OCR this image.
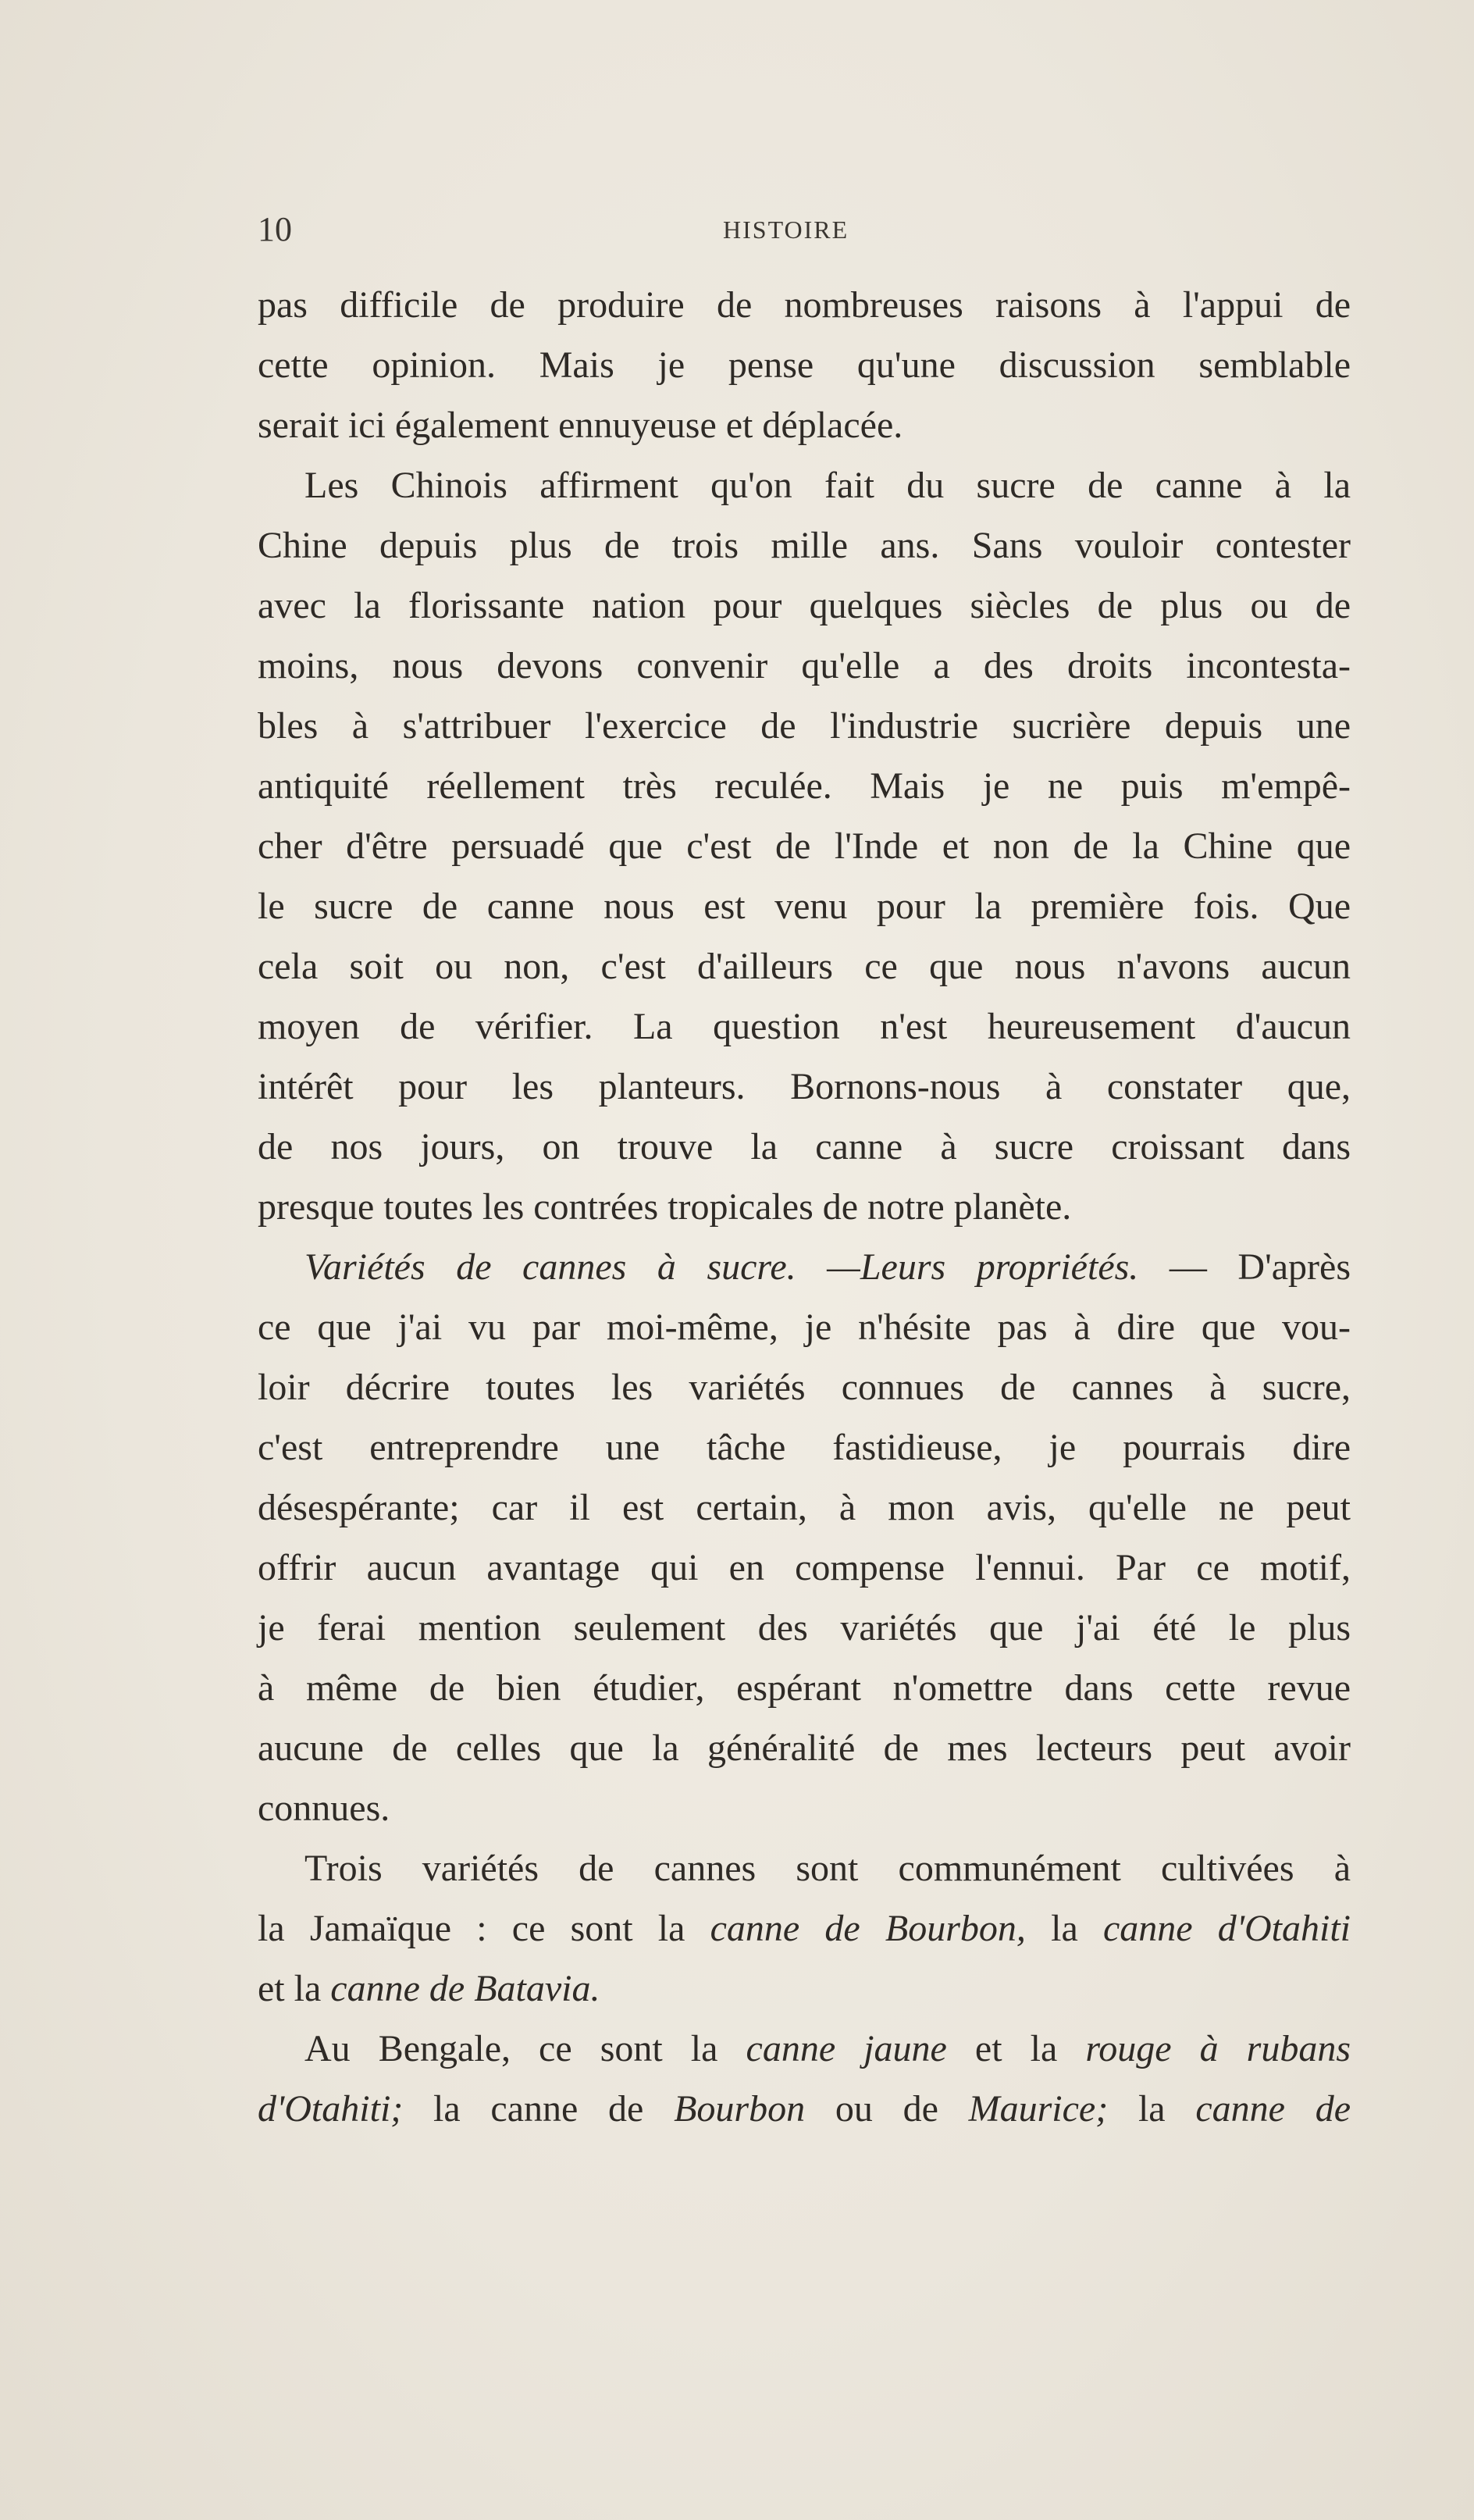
10	HISTOIRE
pas difficile de produire de nombreuses raisons à l'appui de
cette opinion. Mais je pense qu'une discussion semblable
serait ici également ennuyeuse et déplacée.
Les Chinois affirment qu'on fait du sucre de canne à la
Chine depuis plus de trois mille ans. Sans vouloir contester
avec la florissante nation pour quelques siècles de plus ou de
moins, nous devons convenir qu'elle a des droits incontesta-
bles à s'attribuer l'exercice de l'industrie sucrière depuis une
antiquité réellement très reculée. Mais je ne puis m'empê-
cher d'être persuadé que c'est de l'Inde et non de la Chine que
le sucre de canne nous est venu pour la première fois. Que
cela soit ou non, c'est d'ailleurs ce que nous n'avons aucun
moyen de vérifier. La question n'est heureusement d'aucun
intérêt pour les planteurs. Bornons-nous à constater que,
de nos jours, on trouve la canne à sucre croissant dans
presque toutes les contrées tropicales de notre planète.
Variétés de cannes à sucre. —Leurs propriétés. — D'après
ce que j'ai vu par moi-même, je n'hésite pas à dire que vou-
loir décrire toutes les variétés connues de cannes à sucre,
c'est entreprendre une tâche fastidieuse, je pourrais dire
désespérante; car il est certain, à mon avis, qu'elle ne peut
offrir aucun avantage qui en compense l'ennui. Par ce motif,
je ferai mention seulement des variétés que j'ai été le plus
à même de bien étudier, espérant n'omettre dans cette revue
aucune de celles que la généralité de mes lecteurs peut avoir
connues.
Trois variétés de cannes sont communément cultivées à
la Jamaïque : ce sont la canne de Bourbon, la canne d'Otahiti
et la canne de Batavia.
Au Bengale, ce sont la canne jaune et la rouge à rubans
d'Otahiti; la canne de Bourbon ou de Maurice; la canne de
